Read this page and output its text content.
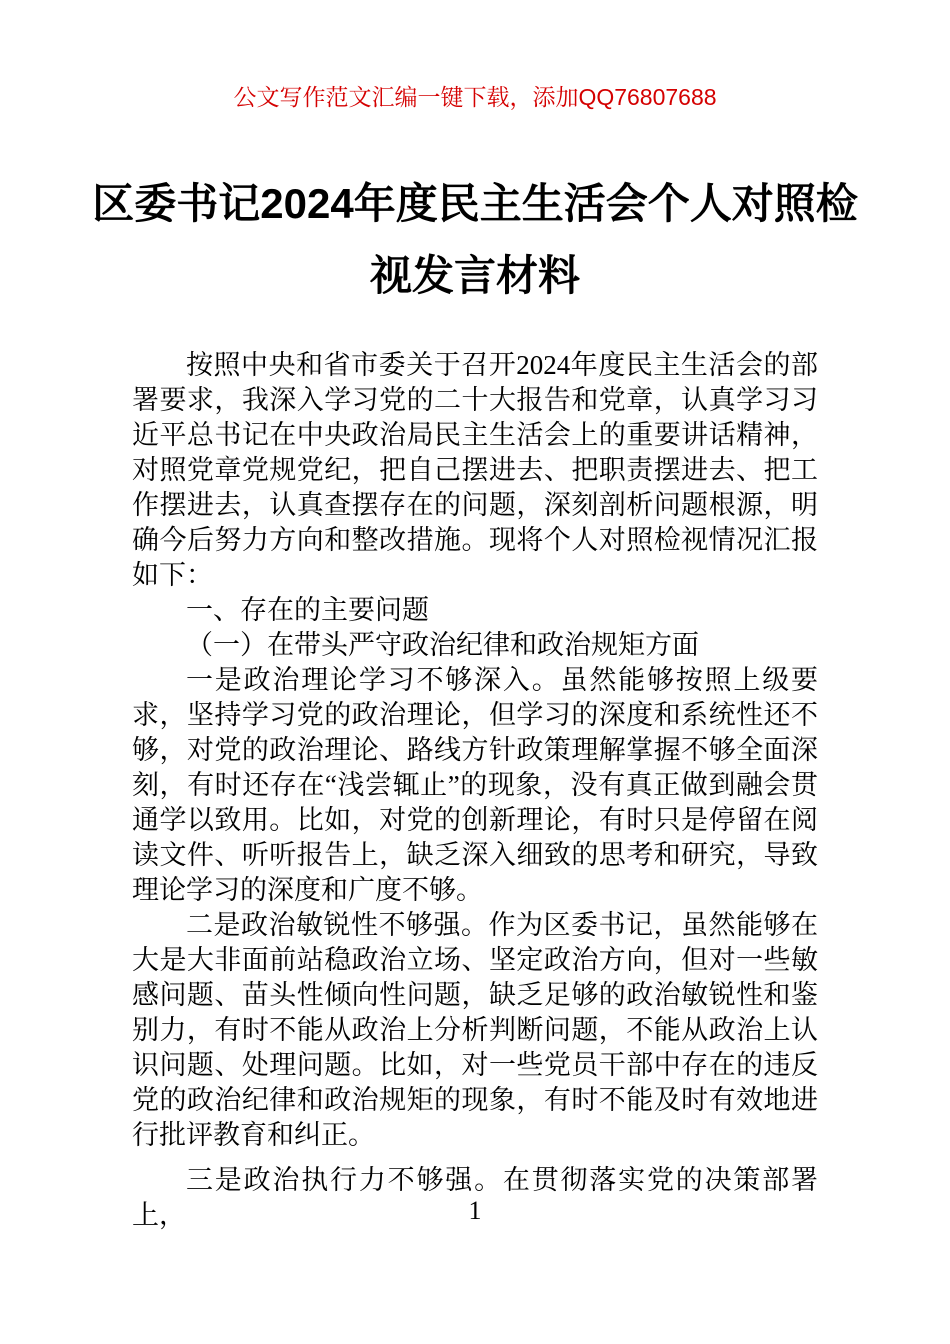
公文写作范文汇编一键下载，添加QQ76807688
区委书记2024年度民主生活会个人对照检视发言材料

按照中央和省市委关于召开2024年度民主生活会的部署要求，我深入学习党的二十大报告和党章，认真学习习近平总书记在中央政治局民主生活会上的重要讲话精神，对照党章党规党纪，把自己摆进去、把职责摆进去、把工作摆进去，认真查摆存在的问题，深刻剖析问题根源，明确今后努力方向和整改措施。现将个人对照检视情况汇报如下：

一、存在的主要问题

（一）在带头严守政治纪律和政治规矩方面

一是政治理论学习不够深入。虽然能够按照上级要求，坚持学习党的政治理论，但学习的深度和系统性还不够，对党的政治理论、路线方针政策理解掌握不够全面深刻，有时还存在“浅尝辄止”的现象，没有真正做到融会贯通学以致用。比如，对党的创新理论，有时只是停留在阅读文件、听听报告上，缺乏深入细致的思考和研究，导致理论学习的深度和广度不够。

二是政治敏锐性不够强。作为区委书记，虽然能够在大是大非面前站稳政治立场、坚定政治方向，但对一些敏感问题、苗头性倾向性问题，缺乏足够的政治敏锐性和鉴别力，有时不能从政治上分析判断问题，不能从政治上认识问题、处理问题。比如，对一些党员干部中存在的违反党的政治纪律和政治规矩的现象，有时不能及时有效地进行批评教育和纠正。

三是政治执行力不够强。在贯彻落实党的决策部署上，	1
